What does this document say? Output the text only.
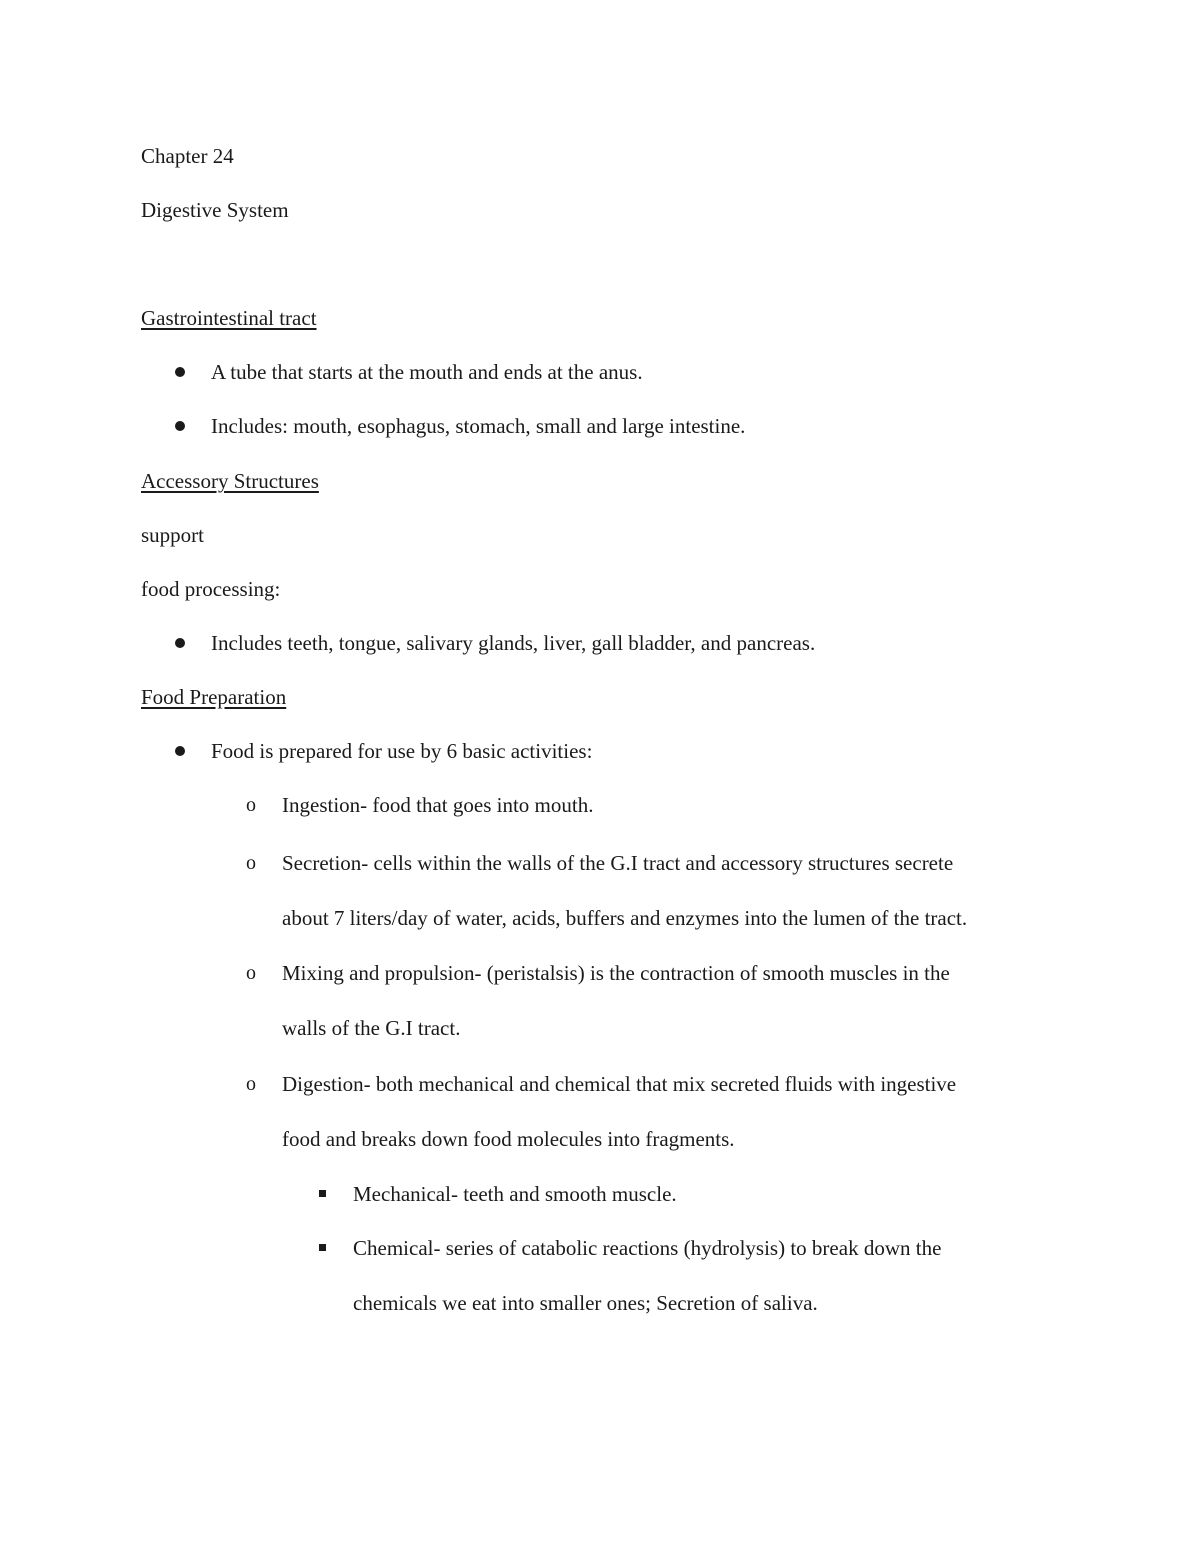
Chapter 24
Digestive System
Gastrointestinal tract
A tube that starts at the mouth and ends at the anus.
Includes: mouth, esophagus, stomach, small and large intestine.
Accessory Structures
support
food processing:
Includes teeth, tongue, salivary glands, liver, gall bladder, and pancreas.
Food Preparation
Food is prepared for use by 6 basic activities:
o Ingestion- food that goes into mouth.
o Secretion- cells within the walls of the G.I tract and accessory structures secrete
about 7 liters/day of water, acids, buffers and enzymes into the lumen of the tract.
o Mixing and propulsion- (peristalsis) is the contraction of smooth muscles in the
walls of the G.I tract.
o Digestion- both mechanical and chemical that mix secreted fluids with ingestive
food and breaks down food molecules into fragments.
Mechanical- teeth and smooth muscle.
Chemical- series of catabolic reactions (hydrolysis) to break down the
chemicals we eat into smaller ones; Secretion of saliva.
